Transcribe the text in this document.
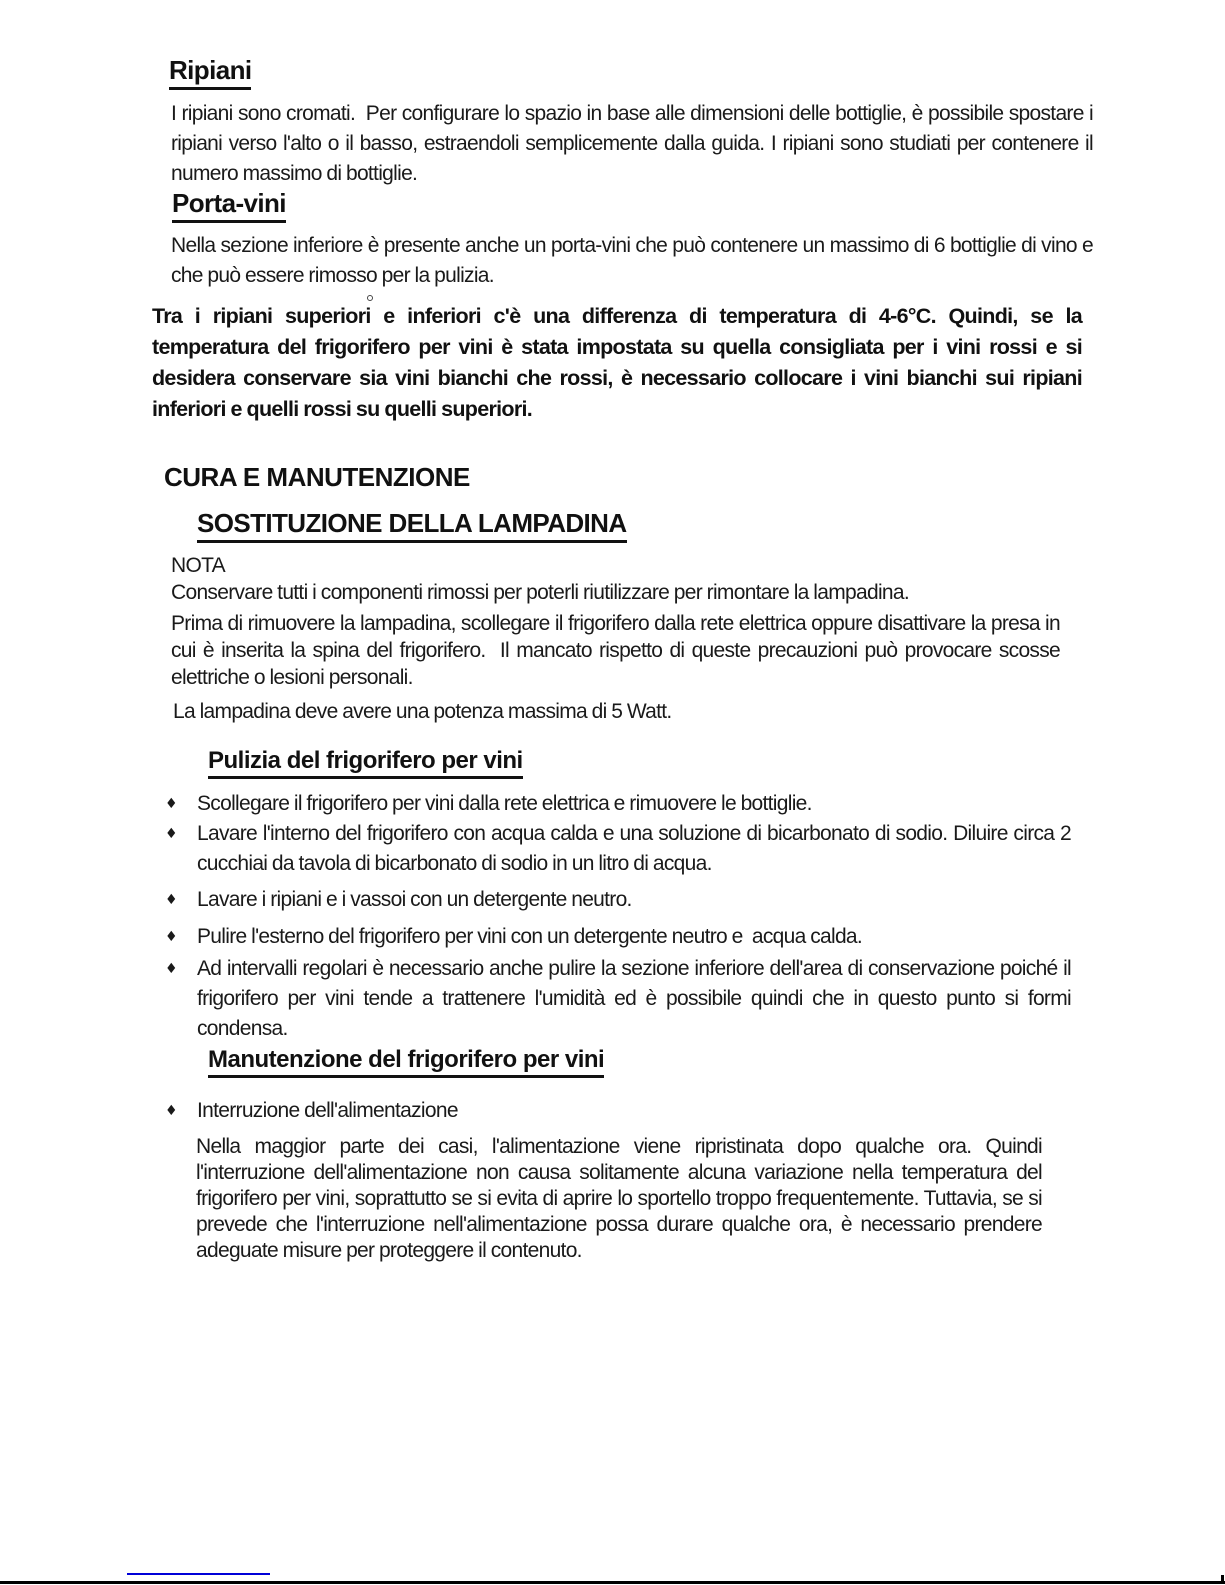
Ripiani
I ripiani sono cromati.  Per configurare lo spazio in base alle dimensioni delle bottiglie, è possibile spostare i ripiani verso l'alto o il basso, estraendoli semplicemente dalla guida. I ripiani sono studiati per contenere il numero massimo di bottiglie.
Porta-vini
Nella sezione inferiore è presente anche un porta-vini che può contenere un massimo di 6 bottiglie di vino e che può essere rimosso per la pulizia.
Tra i ripiani superiori e inferiori c'è una differenza di temperatura di 4-6°C. Quindi, se la temperatura del frigorifero per vini è stata impostata su quella consigliata per i vini rossi e si desidera conservare sia vini bianchi che rossi, è necessario collocare i vini bianchi sui ripiani inferiori e quelli rossi su quelli superiori.
CURA E MANUTENZIONE
SOSTITUZIONE DELLA LAMPADINA
NOTA
Conservare tutti i componenti rimossi per poterli riutilizzare per rimontare la lampadina.
Prima di rimuovere la lampadina, scollegare il frigorifero dalla rete elettrica oppure disattivare la presa in cui è inserita la spina del frigorifero.  Il mancato rispetto di queste precauzioni può provocare scosse elettriche o lesioni personali.
La lampadina deve avere una potenza massima di 5 Watt.
Pulizia del frigorifero per vini
♦ Scollegare il frigorifero per vini dalla rete elettrica e rimuovere le bottiglie.
♦ Lavare l'interno del frigorifero con acqua calda e una soluzione di bicarbonato di sodio. Diluire circa 2 cucchiai da tavola di bicarbonato di sodio in un litro di acqua.
♦ Lavare i ripiani e i vassoi con un detergente neutro.
♦ Pulire l'esterno del frigorifero per vini con un detergente neutro e  acqua calda.
♦ Ad intervalli regolari è necessario anche pulire la sezione inferiore dell'area di conservazione poiché il frigorifero per vini tende a trattenere l'umidità ed è possibile quindi che in questo punto si formi condensa.
Manutenzione del frigorifero per vini
♦ Interruzione dell'alimentazione
Nella maggior parte dei casi, l'alimentazione viene ripristinata dopo qualche ora. Quindi l'interruzione dell'alimentazione non causa solitamente alcuna variazione nella temperatura del frigorifero per vini, soprattutto se si evita di aprire lo sportello troppo frequentemente. Tuttavia, se si prevede che l'interruzione nell'alimentazione possa durare qualche ora, è necessario prendere adeguate misure per proteggere il contenuto.
